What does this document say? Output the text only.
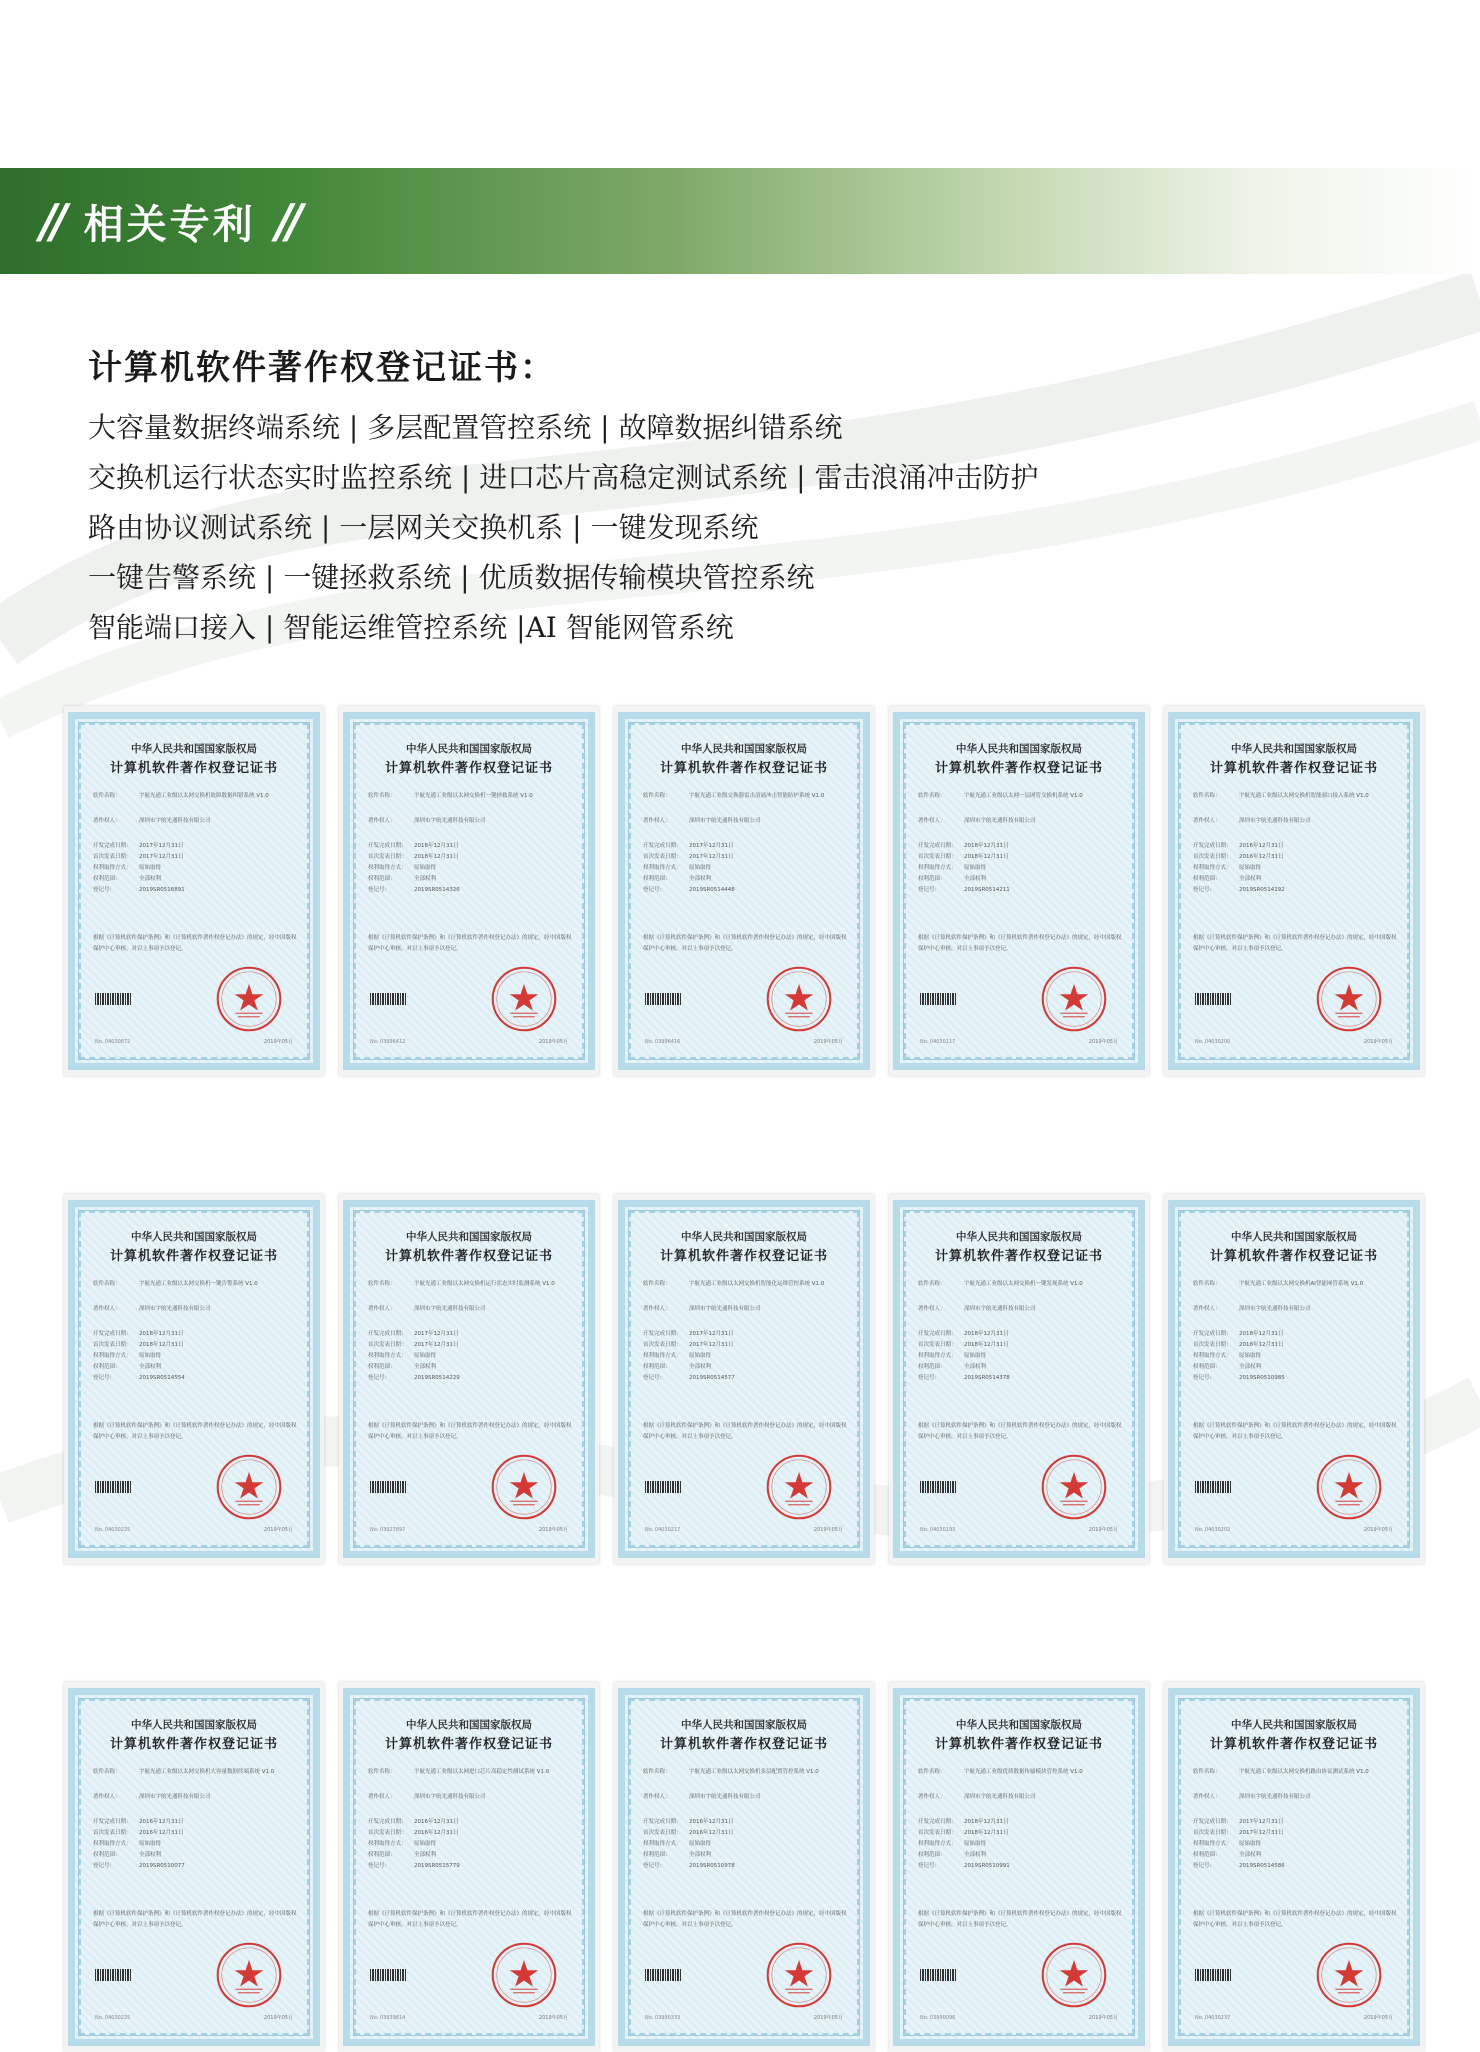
// 相关专利 //
计算机软件著作权登记证书：
大容量数据终端系统 | 多层配置管控系统 | 故障数据纠错系统
交换机运行状态实时监控系统 | 进口芯片高稳定测试系统 | 雷击浪涌冲击防护
路由协议测试系统 | 一层网关交换机系 | 一键发现系统
一键告警系统 | 一键拯救系统 | 优质数据传输模块管控系统
智能端口接入 | 智能运维管控系统 |AI 智能网管系统
中华人民共和国国家版权局
计算机软件著作权登记证书
软件名称：	宇航光通工业级以太网交换机故障数据纠错系统 V1.0
著作权人：	深圳市宇航光通科技有限公司
开发完成日期：	2017年12月31日
首次发表日期：	2017年12月31日
权利取得方式：	原始取得
权利范围：	全部权利
登记号：	2019SR0516891
根据《计算机软件保护条例》和《计算机软件著作权登记办法》的规定，经中国版权保护中心审核，对以上事项予以登记。
No. 04030872	2019年05月
中华人民共和国国家版权局
计算机软件著作权登记证书
软件名称：	宇航光通工业级以太网交换机一键拯救系统 V1.0
著作权人：	深圳市宇航光通科技有限公司
开发完成日期：	2018年12月31日
首次发表日期：	2018年12月31日
权利取得方式：	原始取得
权利范围：	全部权利
登记号：	2019SR0514326
根据《计算机软件保护条例》和《计算机软件著作权登记办法》的规定，经中国版权保护中心审核，对以上事项予以登记。
No. 03996412	2019年05月
中华人民共和国国家版权局
计算机软件著作权登记证书
软件名称：	宇航光通工业级交换器雷击浪涌冲击智能防护系统 V1.0
著作权人：	深圳市宇航光通科技有限公司
开发完成日期：	2017年12月31日
首次发表日期：	2017年12月31日
权利取得方式：	原始取得
权利范围：	全部权利
登记号：	2019SR0514448
根据《计算机软件保护条例》和《计算机软件著作权登记办法》的规定，经中国版权保护中心审核，对以上事项予以登记。
No. 03996416	2019年05月
中华人民共和国国家版权局
计算机软件著作权登记证书
软件名称：	宇航光通工业级以太网一层网管交换机系统 V1.0
著作权人：	深圳市宇航光通科技有限公司
开发完成日期：	2018年12月31日
首次发表日期：	2018年12月31日
权利取得方式：	原始取得
权利范围：	全部权利
登记号：	2019SR0514211
根据《计算机软件保护条例》和《计算机软件著作权登记办法》的规定，经中国版权保护中心审核，对以上事项予以登记。
No. 04030117	2019年05月
中华人民共和国国家版权局
计算机软件著作权登记证书
软件名称：	宇航光通工业级以太网交换机智能端口接入系统 V1.0
著作权人：	深圳市宇航光通科技有限公司
开发完成日期：	2016年12月31日
首次发表日期：	2016年12月31日
权利取得方式：	原始取得
权利范围：	全部权利
登记号：	2019SR0514192
根据《计算机软件保护条例》和《计算机软件著作权登记办法》的规定，经中国版权保护中心审核，对以上事项予以登记。
No. 04030200	2019年05月
中华人民共和国国家版权局
计算机软件著作权登记证书
软件名称：	宇航光通工业级以太网交换机一键告警系统 V1.0
著作权人：	深圳市宇航光通科技有限公司
开发完成日期：	2018年12月31日
首次发表日期：	2018年12月31日
权利取得方式：	原始取得
权利范围：	全部权利
登记号：	2019SR0514554
根据《计算机软件保护条例》和《计算机软件著作权登记办法》的规定，经中国版权保护中心审核，对以上事项予以登记。
No. 04030225	2019年05月
中华人民共和国国家版权局
计算机软件著作权登记证书
软件名称：	宇航光通工业级以太网交换机运行状态实时监测系统 V1.0
著作权人：	深圳市宇航光通科技有限公司
开发完成日期：	2017年12月31日
首次发表日期：	2017年12月31日
权利取得方式：	原始取得
权利范围：	全部权利
登记号：	2019SR0514229
根据《计算机软件保护条例》和《计算机软件著作权登记办法》的规定，经中国版权保护中心审核，对以上事项予以登记。
No. 03927897	2019年05月
中华人民共和国国家版权局
计算机软件著作权登记证书
软件名称：	宇航光通工业级以太网交换机智能化运维管控系统 V1.0
著作权人：	深圳市宇航光通科技有限公司
开发完成日期：	2017年12月31日
首次发表日期：	2017年12月31日
权利取得方式：	原始取得
权利范围：	全部权利
登记号：	2019SR0514577
根据《计算机软件保护条例》和《计算机软件著作权登记办法》的规定，经中国版权保护中心审核，对以上事项予以登记。
No. 04030217	2019年05月
中华人民共和国国家版权局
计算机软件著作权登记证书
软件名称：	宇航光通工业级以太网交换机一键发现系统 V1.0
著作权人：	深圳市宇航光通科技有限公司
开发完成日期：	2018年12月31日
首次发表日期：	2018年12月31日
权利取得方式：	原始取得
权利范围：	全部权利
登记号：	2019SR0514378
根据《计算机软件保护条例》和《计算机软件著作权登记办法》的规定，经中国版权保护中心审核，对以上事项予以登记。
No. 04030193	2019年05月
中华人民共和国国家版权局
计算机软件著作权登记证书
软件名称：	宇航光通工业级以太网交换机AI智能网管系统 V1.0
著作权人：	深圳市宇航光通科技有限公司
开发完成日期：	2018年12月31日
首次发表日期：	2018年12月31日
权利取得方式：	原始取得
权利范围：	全部权利
登记号：	2019SR0510985
根据《计算机软件保护条例》和《计算机软件著作权登记办法》的规定，经中国版权保护中心审核，对以上事项予以登记。
No. 04030202	2019年05月
中华人民共和国国家版权局
计算机软件著作权登记证书
软件名称：	宇航光通工业级以太网交换机大容量数据终端系统 V1.0
著作权人：	深圳市宇航光通科技有限公司
开发完成日期：	2016年12月31日
首次发表日期：	2016年12月31日
权利取得方式：	原始取得
权利范围：	全部权利
登记号：	2019SR0510077
根据《计算机软件保护条例》和《计算机软件著作权登记办法》的规定，经中国版权保护中心审核，对以上事项予以登记。
No. 04030225	2019年05月
中华人民共和国国家版权局
计算机软件著作权登记证书
软件名称：	宇航光通工业级以太网进口芯片高稳定性测试系统 V1.0
著作权人：	深圳市宇航光通科技有限公司
开发完成日期：	2016年12月31日
首次发表日期：	2016年12月31日
权利取得方式：	原始取得
权利范围：	全部权利
登记号：	2019SR0515779
根据《计算机软件保护条例》和《计算机软件著作权登记办法》的规定，经中国版权保护中心审核，对以上事项予以登记。
No. 03939814	2019年05月
中华人民共和国国家版权局
计算机软件著作权登记证书
软件名称：	宇航光通工业级以太网交换机多层配置管控系统 V1.0
著作权人：	深圳市宇航光通科技有限公司
开发完成日期：	2016年12月31日
首次发表日期：	2016年12月31日
权利取得方式：	原始取得
权利范围：	全部权利
登记号：	2019SR0510978
根据《计算机软件保护条例》和《计算机软件著作权登记办法》的规定，经中国版权保护中心审核，对以上事项予以登记。
No. 03990333	2019年05月
中华人民共和国国家版权局
计算机软件著作权登记证书
软件名称：	宇航光通工业级优质数据传输模块管控系统 V1.0
著作权人：	深圳市宇航光通科技有限公司
开发完成日期：	2018年12月31日
首次发表日期：	2018年12月31日
权利取得方式：	原始取得
权利范围：	全部权利
登记号：	2019SR0510991
根据《计算机软件保护条例》和《计算机软件著作权登记办法》的规定，经中国版权保护中心审核，对以上事项予以登记。
No. 03990096	2019年05月
中华人民共和国国家版权局
计算机软件著作权登记证书
软件名称：	宇航光通工业级以太网交换机路由协议测试系统 V1.0
著作权人：	深圳市宇航光通科技有限公司
开发完成日期：	2017年12月31日
首次发表日期：	2017年12月31日
权利取得方式：	原始取得
权利范围：	全部权利
登记号：	2019SR0514586
根据《计算机软件保护条例》和《计算机软件著作权登记办法》的规定，经中国版权保护中心审核，对以上事项予以登记。
No. 04030237	2019年05月
